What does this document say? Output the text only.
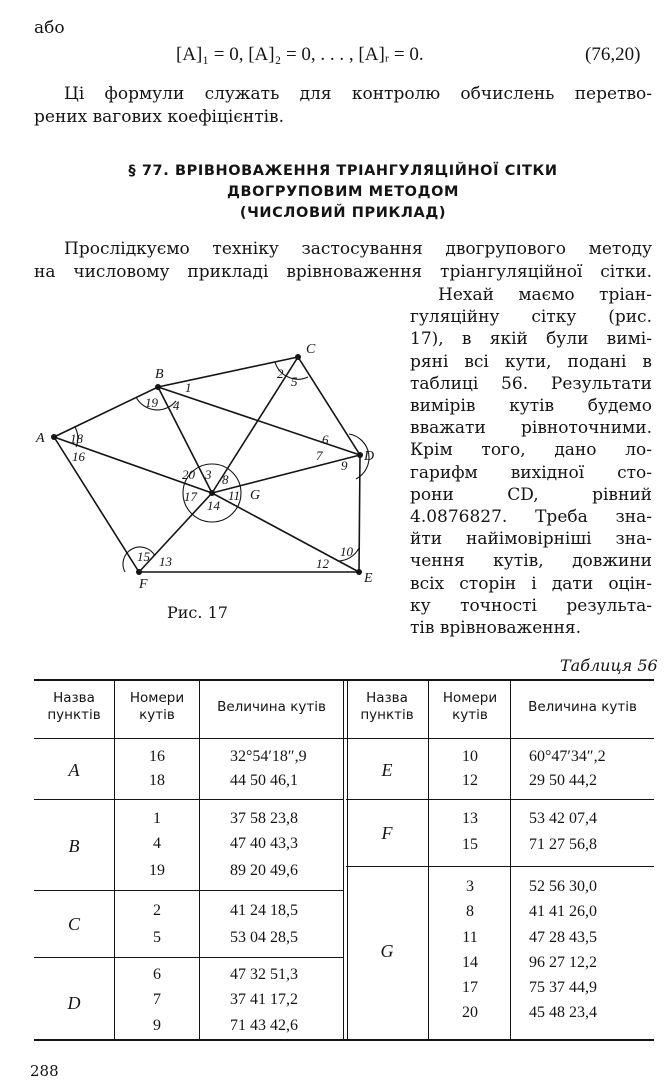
або
[A]₁ = 0, [A]₂ = 0, . . . , [A]ᵣ = 0.	(76,20)
Ці формули служать для контролю обчислень перетво-
рених вагових коефіцієнтів.
§ 77. ВРІВНОВАЖЕННЯ ТРІАНГУЛЯЦІЙНОЇ СІТКИ
ДВОГРУПОВИМ МЕТОДОМ
(ЧИСЛОВИЙ ПРИКЛАД)
Прослідкуємо техніку застосування двогрупового методу
на числовому прикладі врівноваження тріангуляційної сітки.
Нехай маємо тріан-
гуляційну сітку (рис.
17), в якій були вимі-
ряні всі кути, подані в
таблиці 56. Результати
вимірів кутів будемо
вважати рівноточними.
Крім того, дано ло-
гарифм вихідної сто-
рони CD, рівний
4.0876827. Треба зна-
йти найімовірніші зна-
чення кутів, довжини
всіх сторін і дати оцін-
ку точності результа-
тів врівноваження.
1
2
3
4
5
6
7
8
9
10
11
12
13
14
15
16
17
18
19
20
A
B
C
D
E
F
G
Рис. 17
Таблиця 56
Назва пунктів
Номери кутів	Величина кутів
Назва пунктів
Номери кутів	Величина кутів
A
16	32°54′18″,9
18	44 50 46,1
B
1	37 58 23,8
4	47 40 43,3
19	89 20 49,6
C
2	41 24 18,5
5	53 04 28,5
D
6	47 32 51,3
7	37 41 17,2
9	71 43 42,6
E
10	60°47′34″,2
12	29 50 44,2
F
13	53 42 07,4
15	71 27 56,8
G
3	52 56 30,0
8	41 41 26,0
11	47 28 43,5
14	96 27 12,2
17	75 37 44,9
20	45 48 23,4
288
